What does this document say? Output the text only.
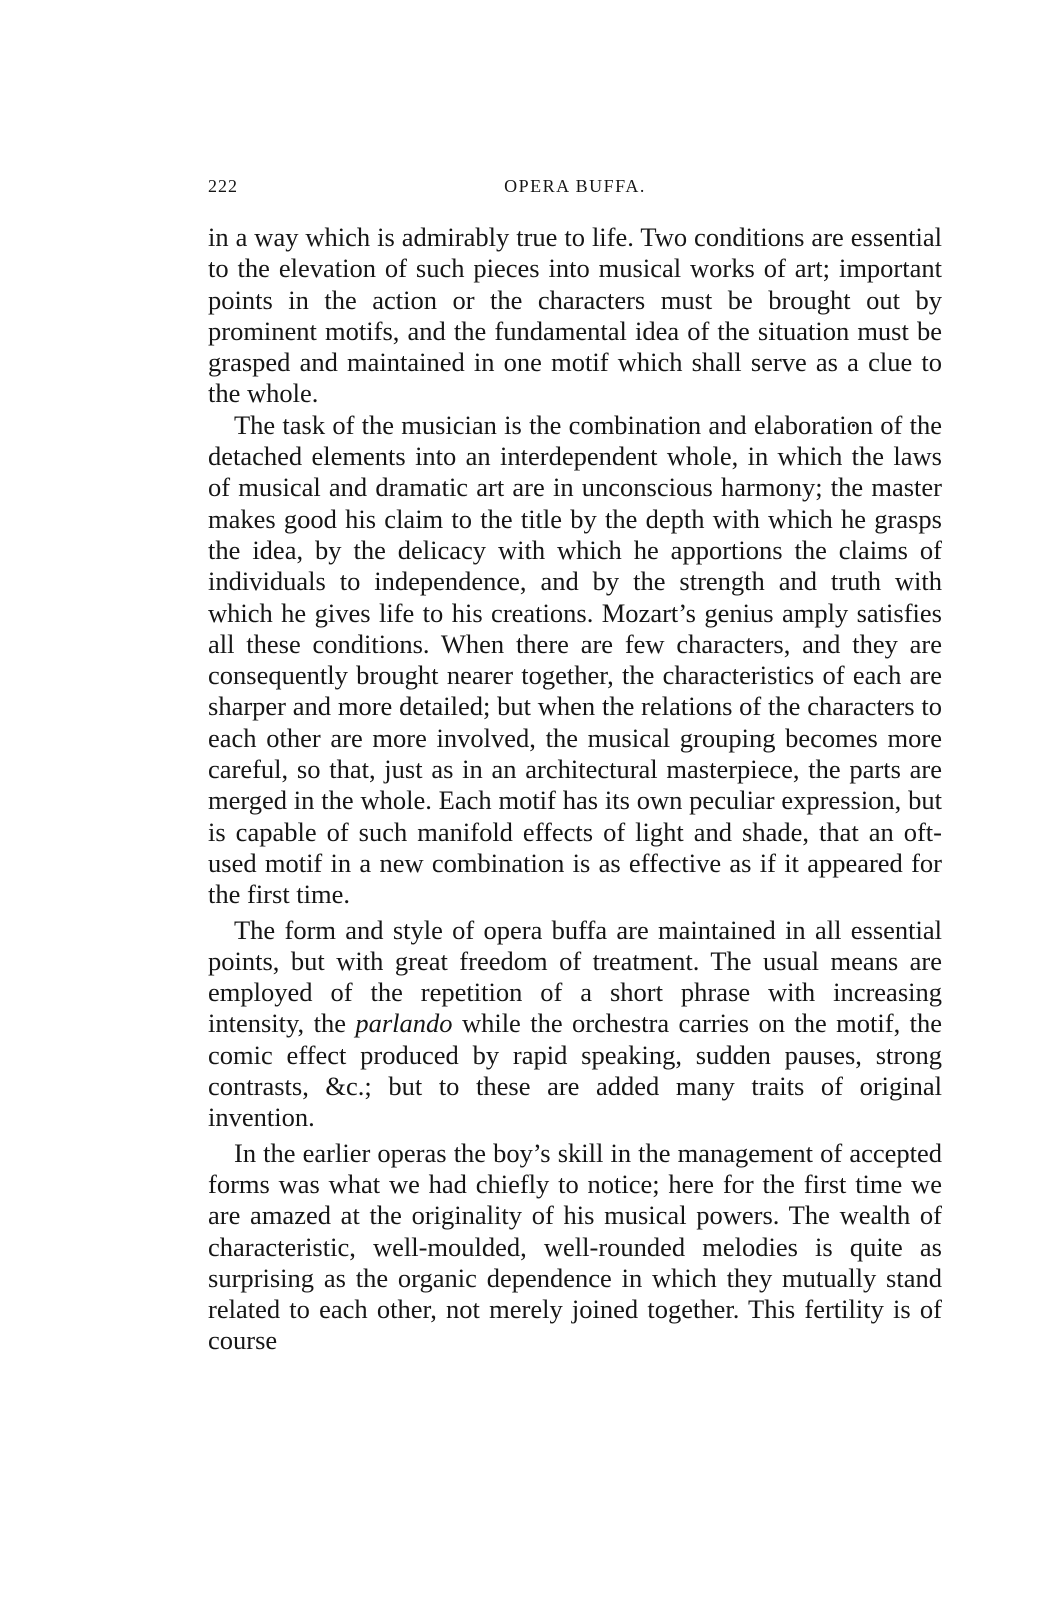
222	OPERA BUFFA.

in a way which is admirably true to life. Two conditions are essential to the elevation of such pieces into musical works of art; important points in the action or the characters must be brought out by prominent motifs, and the fundamental idea of the situation must be grasped and maintained in one motif which shall serve as a clue to the whole.

The task of the musician is the combination and elaboration of the detached elements into an interdependent whole, in which the laws of musical and dramatic art are in unconscious harmony; the master makes good his claim to the title by the depth with which he grasps the idea, by the delicacy with which he apportions the claims of individuals to independence, and by the strength and truth with which he gives life to his creations. Mozart’s genius amply satisfies all these conditions. When there are few characters, and they are consequently brought nearer together, the characteristics of each are sharper and more detailed; but when the relations of the characters to each other are more involved, the musical grouping becomes more careful, so that, just as in an architectural masterpiece, the parts are merged in the whole. Each motif has its own peculiar expression, but is capable of such manifold effects of light and shade, that an oft-used motif in a new combination is as effective as if it appeared for the first time.

The form and style of opera buffa are maintained in all essential points, but with great freedom of treatment. The usual means are employed of the repetition of a short phrase with increasing intensity, the parlando while the orchestra carries on the motif, the comic effect produced by rapid speaking, sudden pauses, strong contrasts, &c.; but to these are added many traits of original invention.

In the earlier operas the boy’s skill in the management of accepted forms was what we had chiefly to notice; here for the first time we are amazed at the originality of his musical powers. The wealth of characteristic, well-moulded, well-rounded melodies is quite as surprising as the organic dependence in which they mutually stand related to each other, not merely joined together. This fertility is of course
